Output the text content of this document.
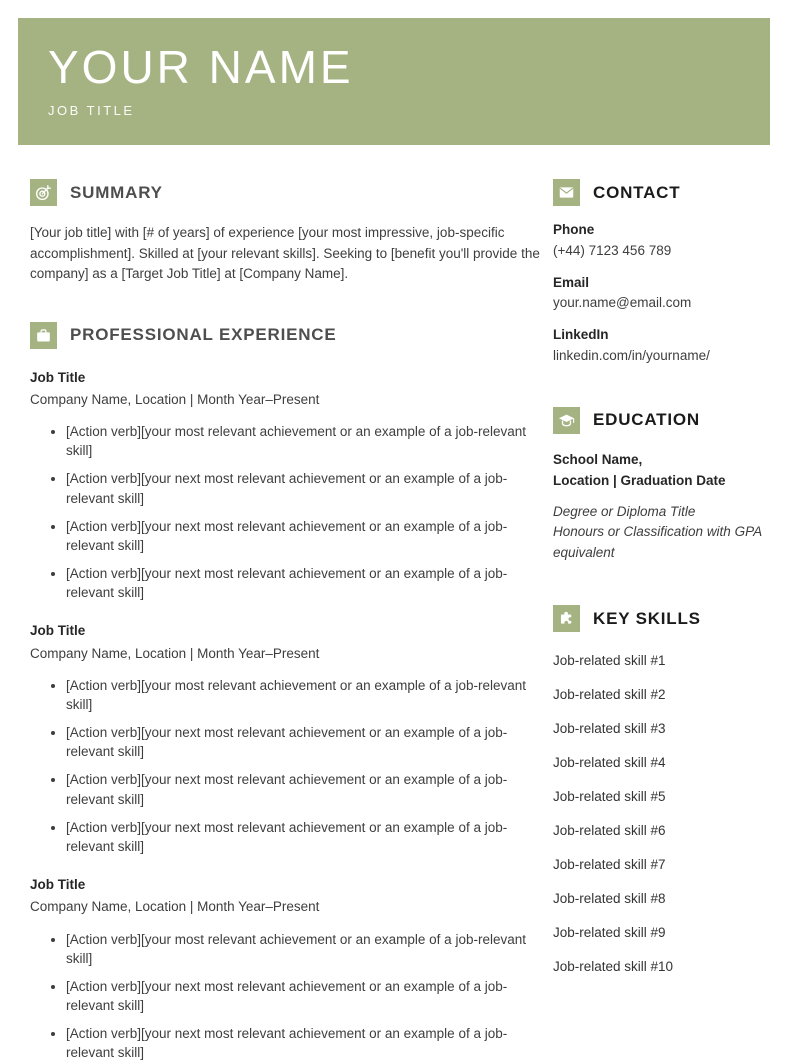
YOUR NAME
JOB TITLE
SUMMARY

[Your job title] with [# of years] of experience [your most impressive, job-specific accomplishment]. Skilled at [your relevant skills]. Seeking to [benefit you'll provide the company] as a [Target Job Title] at [Company Name].

PROFESSIONAL EXPERIENCE
Job Title
Company Name, Location | Month Year–Present
• [Action verb][your most relevant achievement or an example of a job-relevant skill]
• [Action verb][your next most relevant achievement or an example of a job-relevant skill]
• [Action verb][your next most relevant achievement or an example of a job-relevant skill]
• [Action verb][your next most relevant achievement or an example of a job-relevant skill]
Job Title
Company Name, Location | Month Year–Present
• [Action verb][your most relevant achievement or an example of a job-relevant skill]
• [Action verb][your next most relevant achievement or an example of a job-relevant skill]
• [Action verb][your next most relevant achievement or an example of a job-relevant skill]
• [Action verb][your next most relevant achievement or an example of a job-relevant skill]
Job Title
Company Name, Location | Month Year–Present
• [Action verb][your most relevant achievement or an example of a job-relevant skill]
• [Action verb][your next most relevant achievement or an example of a job-relevant skill]
• [Action verb][your next most relevant achievement or an example of a job-relevant skill]
CONTACT
Phone
(+44) 7123 456 789
Email
your.name@email.com
LinkedIn
linkedin.com/in/yourname/
EDUCATION
School Name,
Location | Graduation Date
Degree or Diploma Title
Honours or Classification with GPA equivalent
KEY SKILLS
Job-related skill #1
Job-related skill #2
Job-related skill #3
Job-related skill #4
Job-related skill #5
Job-related skill #6
Job-related skill #7
Job-related skill #8
Job-related skill #9
Job-related skill #10
